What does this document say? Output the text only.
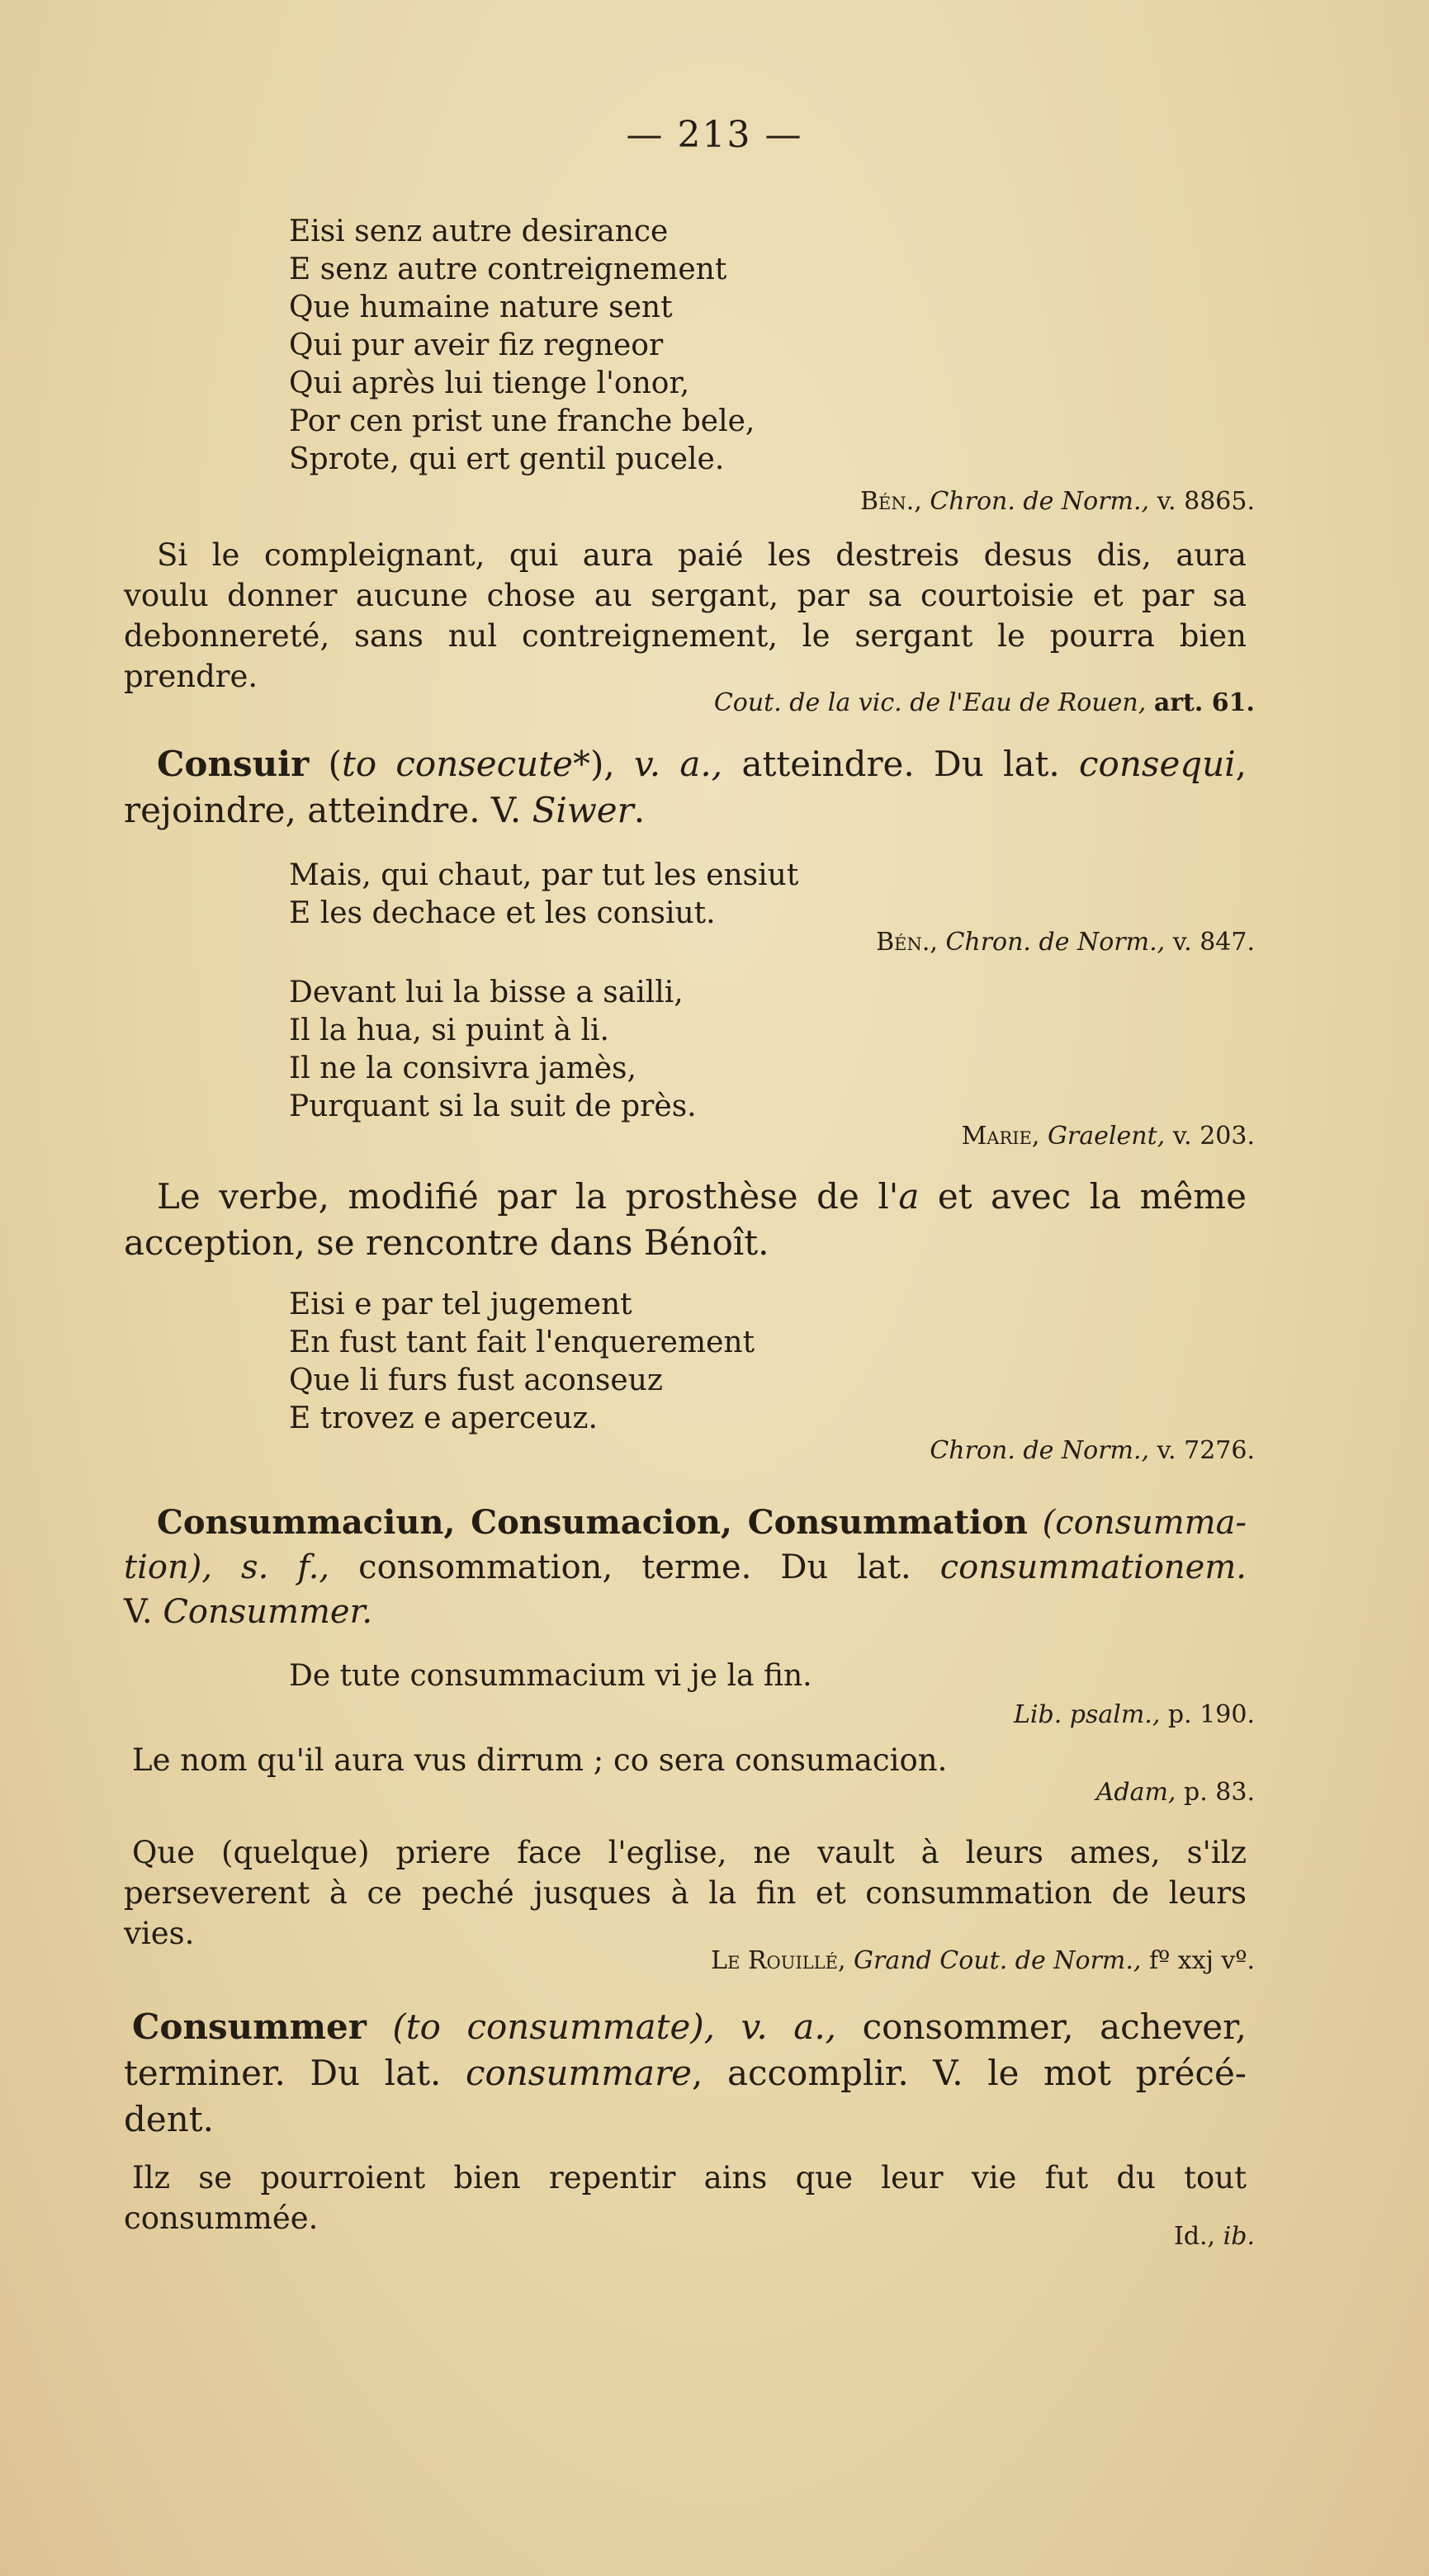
— 213 —
Eisi senz autre desirance
E senz autre contreignement
Que humaine nature sent
Qui pur aveir fiz regneor
Qui après lui tienge l'onor,
Por cen prist une franche bele,
Sprote, qui ert gentil pucele.
Bén., Chron. de Norm., v. 8865.
Si le compleignant, qui aura paié les destreis desus dis, aura
voulu donner aucune chose au sergant, par sa courtoisie et par sa
debonnereté, sans nul contreignement, le sergant le pourra bien
prendre.
Cout. de la vic. de l'Eau de Rouen, art. 61.
Consuir (to consecute*), v. a., atteindre. Du lat. consequi,
rejoindre, atteindre. V. Siwer.
Mais, qui chaut, par tut les ensiut
E les dechace et les consiut.
Bén., Chron. de Norm., v. 847.
Devant lui la bisse a sailli,
Il la hua, si puint à li.
Il ne la consivra jamès,
Purquant si la suit de près.
Marie, Graelent, v. 203.
Le verbe, modifié par la prosthèse de l'a et avec la même
acception, se rencontre dans Bénoît.
Eisi e par tel jugement
En fust tant fait l'enquerement
Que li furs fust aconseuz
E trovez e aperceuz.
Chron. de Norm., v. 7276.
Consummaciun, Consumacion, Consummation (consumma-
tion), s. f., consommation, terme. Du lat. consummationem.
V. Consummer.
De tute consummacium vi je la fin.
Lib. psalm., p. 190.
Le nom qu'il aura vus dirrum ; co sera consumacion.
Adam, p. 83.
Que (quelque) priere face l'eglise, ne vault à leurs ames, s'ilz
perseverent à ce peché jusques à la fin et consummation de leurs
vies.
Le Rouillé, Grand Cout. de Norm., fº xxj vº.
Consummer (to consummate), v. a., consommer, achever,
terminer. Du lat. consummare, accomplir. V. le mot précé-
dent.
Ilz se pourroient bien repentir ains que leur vie fut du tout
consummée.
Id., ib.
